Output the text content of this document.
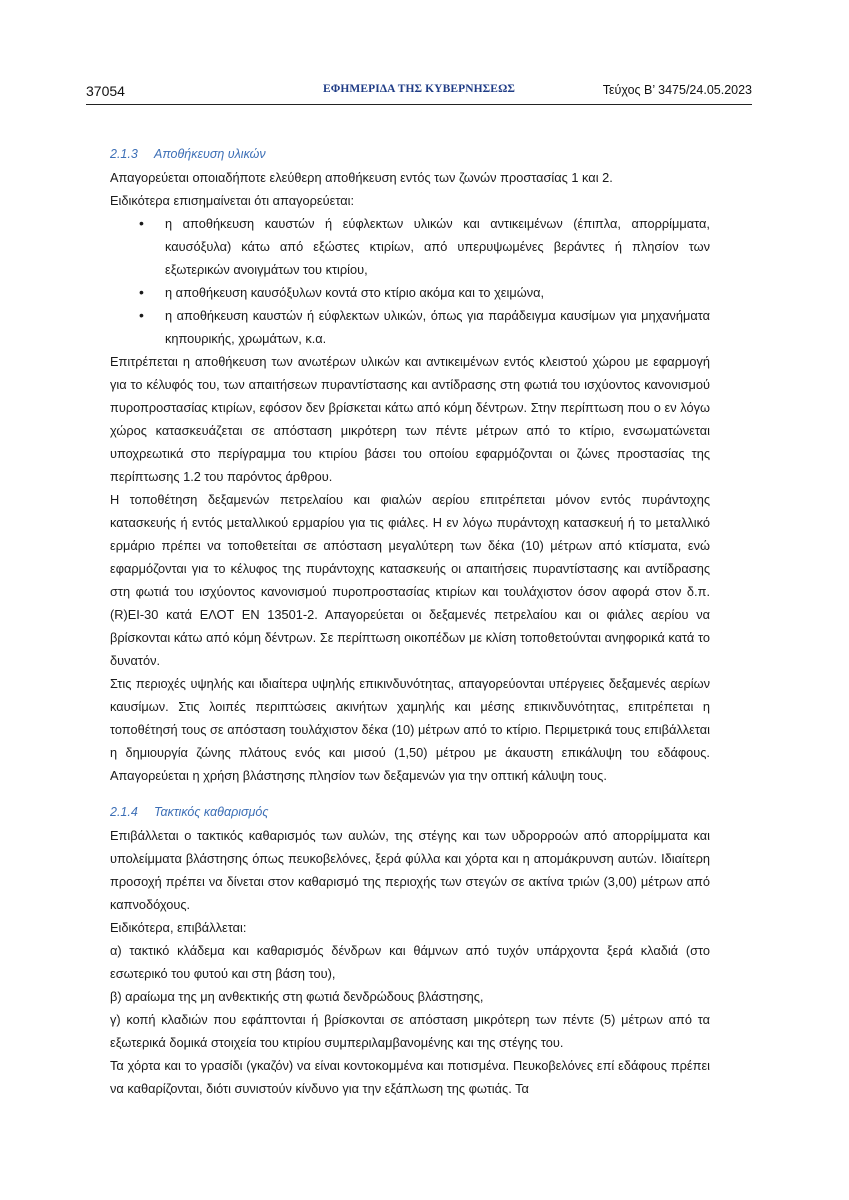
37054	ΕΦΗΜΕΡΙΔΑ ΤΗΣ ΚΥΒΕΡΝΗΣΕΩΣ	Τεύχος Β’ 3475/24.05.2023
2.1.3 Αποθήκευση υλικών

Απαγορεύεται οποιαδήποτε ελεύθερη αποθήκευση εντός των ζωνών προστασίας 1 και 2.

Ειδικότερα επισημαίνεται ότι απαγορεύεται:

• η αποθήκευση καυστών ή εύφλεκτων υλικών και αντικειμένων (έπιπλα, απορρίμματα, καυσόξυλα) κάτω από εξώστες κτιρίων, από υπερυψωμένες βεράντες ή πλησίον των εξωτερικών ανοιγμάτων του κτιρίου,
• η αποθήκευση καυσόξυλων κοντά στο κτίριο ακόμα και το χειμώνα,
• η αποθήκευση καυστών ή εύφλεκτων υλικών, όπως για παράδειγμα καυσίμων για μηχανήματα κηπουρικής, χρωμάτων, κ.α.

Επιτρέπεται η αποθήκευση των ανωτέρων υλικών και αντικειμένων εντός κλειστού χώρου με εφαρμογή για το κέλυφός του, των απαιτήσεων πυραντίστασης και αντίδρασης στη φωτιά του ισχύοντος κανονισμού πυροπροστασίας κτιρίων, εφόσον δεν βρίσκεται κάτω από κόμη δέντρων. Στην περίπτωση που ο εν λόγω χώρος κατασκευάζεται σε απόσταση μικρότερη των πέντε μέτρων από το κτίριο, ενσωματώνεται υποχρεωτικά στο περίγραμμα του κτιρίου βάσει του οποίου εφαρμόζονται οι ζώνες προστασίας της περίπτωσης 1.2 του παρόντος άρθρου.

Η τοποθέτηση δεξαμενών πετρελαίου και φιαλών αερίου επιτρέπεται μόνον εντός πυράντοχης κατασκευής ή εντός μεταλλικού ερμαρίου για τις φιάλες. Η εν λόγω πυράντοχη κατασκευή ή το μεταλλικό ερμάριο πρέπει να τοποθετείται σε απόσταση μεγαλύτερη των δέκα (10) μέτρων από κτίσματα, ενώ εφαρμόζονται για το κέλυφος της πυράντοχης κατασκευής οι απαιτήσεις πυραντίστασης και αντίδρασης στη φωτιά του ισχύοντος κανονισμού πυροπροστασίας κτιρίων και τουλάχιστον όσον αφορά στον δ.π. (R)EI-30 κατά ΕΛΟΤ ΕΝ 13501-2. Απαγορεύεται οι δεξαμενές πετρελαίου και οι φιάλες αερίου να βρίσκονται κάτω από κόμη δέντρων. Σε περίπτωση οικοπέδων με κλίση τοποθετούνται ανηφορικά κατά το δυνατόν.

Στις περιοχές υψηλής και ιδιαίτερα υψηλής επικινδυνότητας, απαγορεύονται υπέργειες δεξαμενές αερίων καυσίμων. Στις λοιπές περιπτώσεις ακινήτων χαμηλής και μέσης επικινδυνότητας, επιτρέπεται η τοποθέτησή τους σε απόσταση τουλάχιστον δέκα (10) μέτρων από το κτίριο. Περιμετρικά τους επιβάλλεται η δημιουργία ζώνης πλάτους ενός και μισού (1,50) μέτρου με άκαυστη επικάλυψη του εδάφους. Απαγορεύεται η χρήση βλάστησης πλησίον των δεξαμενών για την οπτική κάλυψη τους.

2.1.4 Τακτικός καθαρισμός

Επιβάλλεται ο τακτικός καθαρισμός των αυλών, της στέγης και των υδρορροών από απορρίμματα και υπολείμματα βλάστησης όπως πευκοβελόνες, ξερά φύλλα και χόρτα και η απομάκρυνση αυτών. Ιδιαίτερη προσοχή πρέπει να δίνεται στον καθαρισμό της περιοχής των στεγών σε ακτίνα τριών (3,00) μέτρων από καπνοδόχους.

Ειδικότερα, επιβάλλεται:

α) τακτικό κλάδεμα και καθαρισμός δένδρων και θάμνων από τυχόν υπάρχοντα ξερά κλαδιά (στο εσωτερικό του φυτού και στη βάση του),

β) αραίωμα της μη ανθεκτικής στη φωτιά δενδρώδους βλάστησης,

γ) κοπή κλαδιών που εφάπτονται ή βρίσκονται σε απόσταση μικρότερη των πέντε (5) μέτρων από τα εξωτερικά δομικά στοιχεία του κτιρίου συμπεριλαμβανομένης και της στέγης του.

Τα χόρτα και το γρασίδι (γκαζόν) να είναι κοντοκομμένα και ποτισμένα. Πευκοβελόνες επί εδάφους πρέπει να καθαρίζονται, διότι συνιστούν κίνδυνο για την εξάπλωση της φωτιάς. Τα
